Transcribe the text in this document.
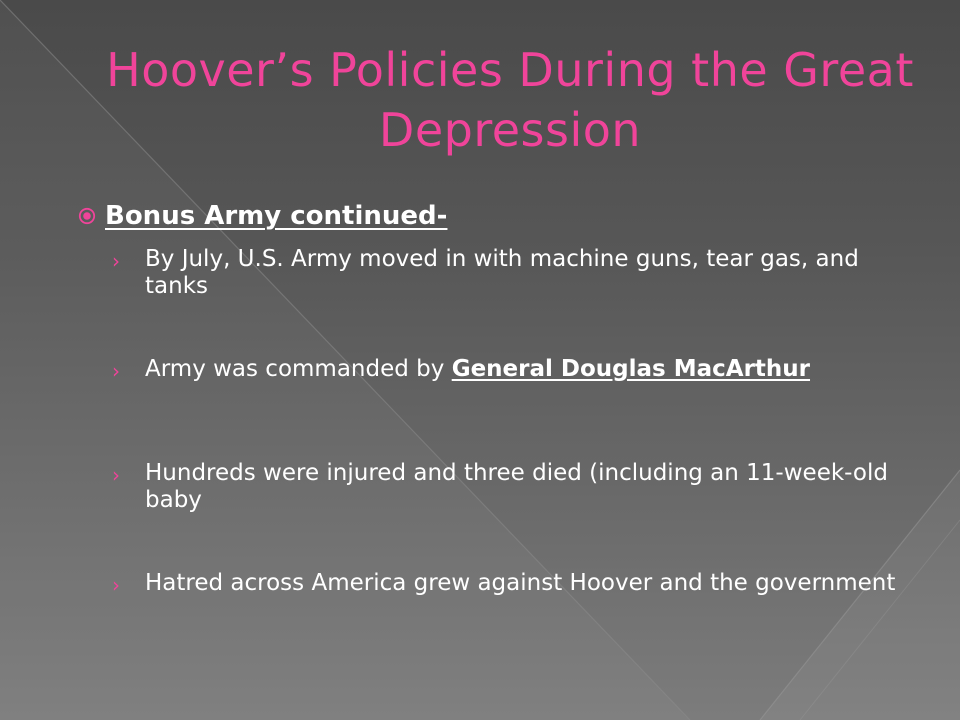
Hoover’s Policies During the Great Depression
Bonus Army continued-
› By July, U.S. Army moved in with machine guns, tear gas, and tanks
› Army was commanded by General Douglas MacArthur
› Hundreds were injured and three died (including an 11-week-old baby
› Hatred across America grew against Hoover and the government
